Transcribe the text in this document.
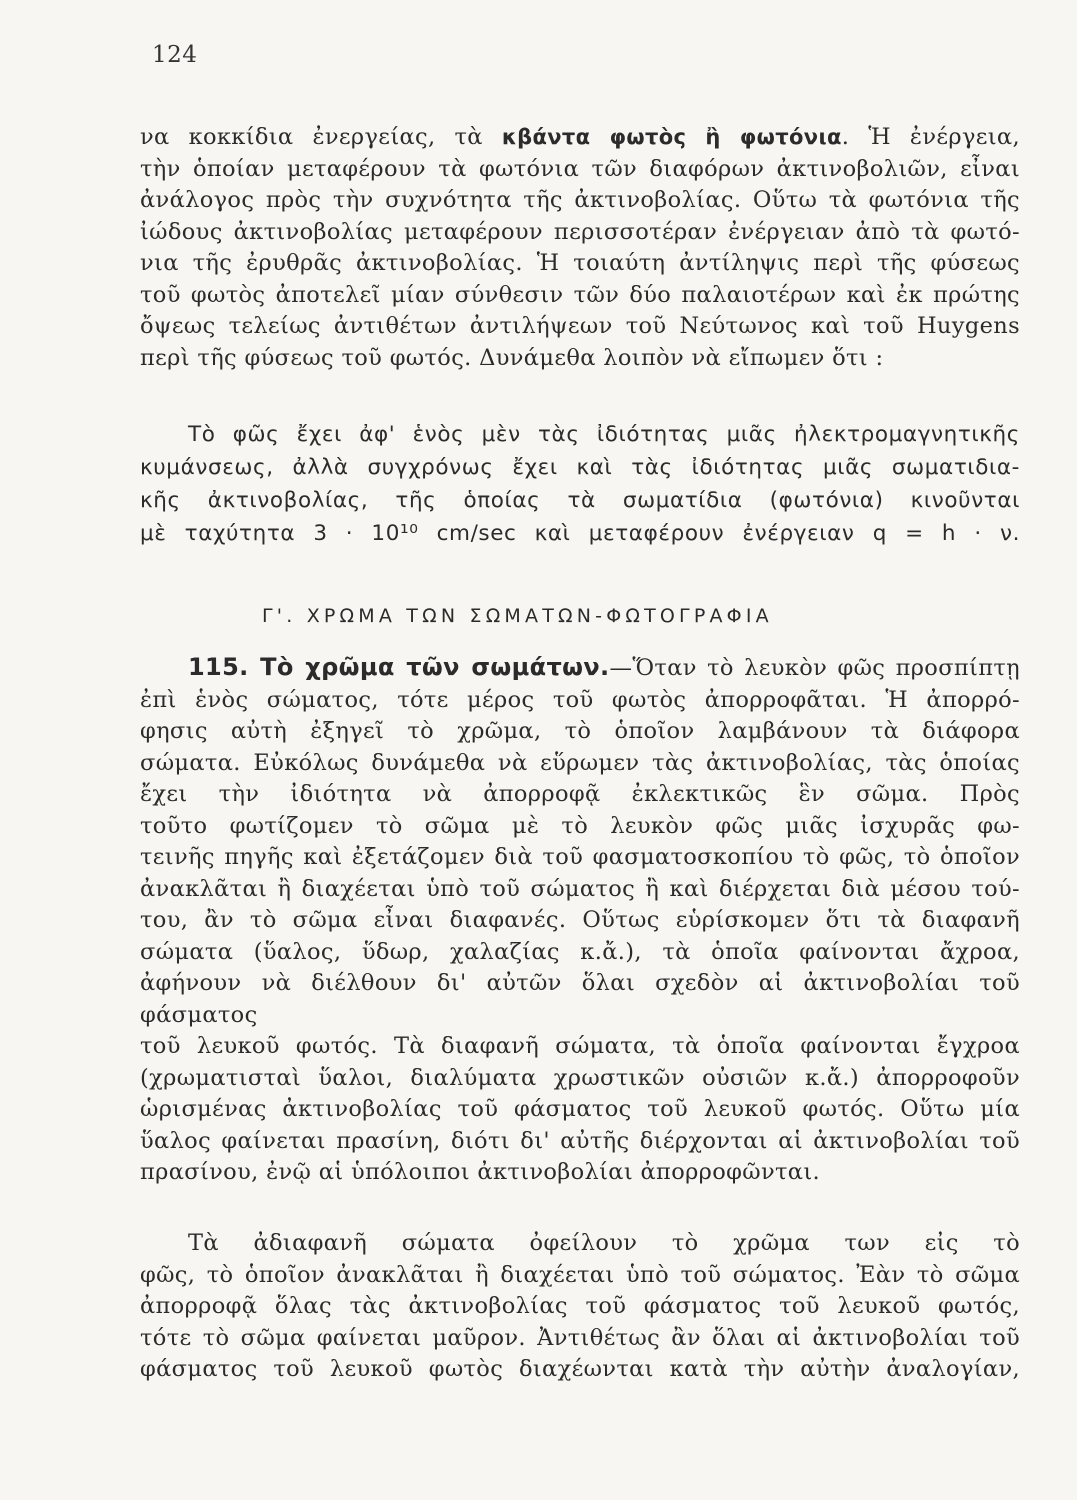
124
να κοκκίδια ἐνεργείας, τὰ κβάντα φωτὸς ἢ φωτόνια. Ἡ ἐνέργεια,
τὴν ὁποίαν μεταφέρουν τὰ φωτόνια τῶν διαφόρων ἀκτινοβολιῶν, εἶναι
ἀνάλογος πρὸς τὴν συχνότητα τῆς ἀκτινοβολίας. Οὕτω τὰ φωτόνια τῆς
ἰώδους ἀκτινοβολίας μεταφέρουν περισσοτέραν ἐνέργειαν ἀπὸ τὰ φωτό-
νια τῆς ἐρυθρᾶς ἀκτινοβολίας. Ἡ τοιαύτη ἀντίληψις περὶ τῆς φύσεως
τοῦ φωτὸς ἀποτελεῖ μίαν σύνθεσιν τῶν δύο παλαιοτέρων καὶ ἐκ πρώτης
ὄψεως τελείως ἀντιθέτων ἀντιλήψεων τοῦ Νεύτωνος καὶ τοῦ Huygens
περὶ τῆς φύσεως τοῦ φωτός. Δυνάμεθα λοιπὸν νὰ εἴπωμεν ὅτι :
Τὸ φῶς ἔχει ἀφ' ἑνὸς μὲν τὰς ἰδιότητας μιᾶς ἠλεκτρομαγνητικῆς
κυμάνσεως, ἀλλὰ συγχρόνως ἔχει καὶ τὰς ἰδιότητας μιᾶς σωματιδια-
κῆς ἀκτινοβολίας, τῆς ὁποίας τὰ σωματίδια (φωτόνια) κινοῦνται
μὲ ταχύτητα 3 · 10¹⁰ cm/sec καὶ μεταφέρουν ἐνέργειαν q = h · ν.
Γ'. ΧΡΩΜΑ ΤΩΝ ΣΩΜΑΤΩΝ-ΦΩΤΟΓΡΑΦΙΑ
115. Τὸ χρῶμα τῶν σωμάτων.—Ὅταν τὸ λευκὸν φῶς προσπίπτῃ
ἐπὶ ἑνὸς σώματος, τότε μέρος τοῦ φωτὸς ἀπορροφᾶται. Ἡ ἀπορρό-
φησις αὐτὴ ἐξηγεῖ τὸ χρῶμα, τὸ ὁποῖον λαμβάνουν τὰ διάφορα
σώματα. Εὐκόλως δυνάμεθα νὰ εὕρωμεν τὰς ἀκτινοβολίας, τὰς ὁποίας
ἔχει τὴν ἰδιότητα νὰ ἀπορροφᾷ ἐκλεκτικῶς ἓν σῶμα. Πρὸς
τοῦτο φωτίζομεν τὸ σῶμα μὲ τὸ λευκὸν φῶς μιᾶς ἰσχυρᾶς φω-
τεινῆς πηγῆς καὶ ἐξετάζομεν διὰ τοῦ φασματοσκοπίου τὸ φῶς, τὸ ὁποῖον
ἀνακλᾶται ἢ διαχέεται ὑπὸ τοῦ σώματος ἢ καὶ διέρχεται διὰ μέσου τού-
του, ἂν τὸ σῶμα εἶναι διαφανές. Οὕτως εὑρίσκομεν ὅτι τὰ διαφανῆ
σώματα (ὕαλος, ὕδωρ, χαλαζίας κ.ἄ.), τὰ ὁποῖα φαίνονται ἄχροα,
ἀφήνουν νὰ διέλθουν δι' αὐτῶν ὅλαι σχεδὸν αἱ ἀκτινοβολίαι τοῦ φάσματος
τοῦ λευκοῦ φωτός. Τὰ διαφανῆ σώματα, τὰ ὁποῖα φαίνονται ἔγχροα
(χρωματισταὶ ὕαλοι, διαλύματα χρωστικῶν οὐσιῶν κ.ἄ.) ἀπορροφοῦν
ὡρισμένας ἀκτινοβολίας τοῦ φάσματος τοῦ λευκοῦ φωτός. Οὕτω μία
ὕαλος φαίνεται πρασίνη, διότι δι' αὐτῆς διέρχονται αἱ ἀκτινοβολίαι τοῦ
πρασίνου, ἐνῷ αἱ ὑπόλοιποι ἀκτινοβολίαι ἀπορροφῶνται.
Τὰ ἀδιαφανῆ σώματα ὀφείλουν τὸ χρῶμα των εἰς τὸ
φῶς, τὸ ὁποῖον ἀνακλᾶται ἢ διαχέεται ὑπὸ τοῦ σώματος. Ἐὰν τὸ σῶμα
ἀπορροφᾷ ὅλας τὰς ἀκτινοβολίας τοῦ φάσματος τοῦ λευκοῦ φωτός,
τότε τὸ σῶμα φαίνεται μαῦρον. Ἀντιθέτως ἂν ὅλαι αἱ ἀκτινοβολίαι τοῦ
φάσματος τοῦ λευκοῦ φωτὸς διαχέωνται κατὰ τὴν αὐτὴν ἀναλογίαν,
